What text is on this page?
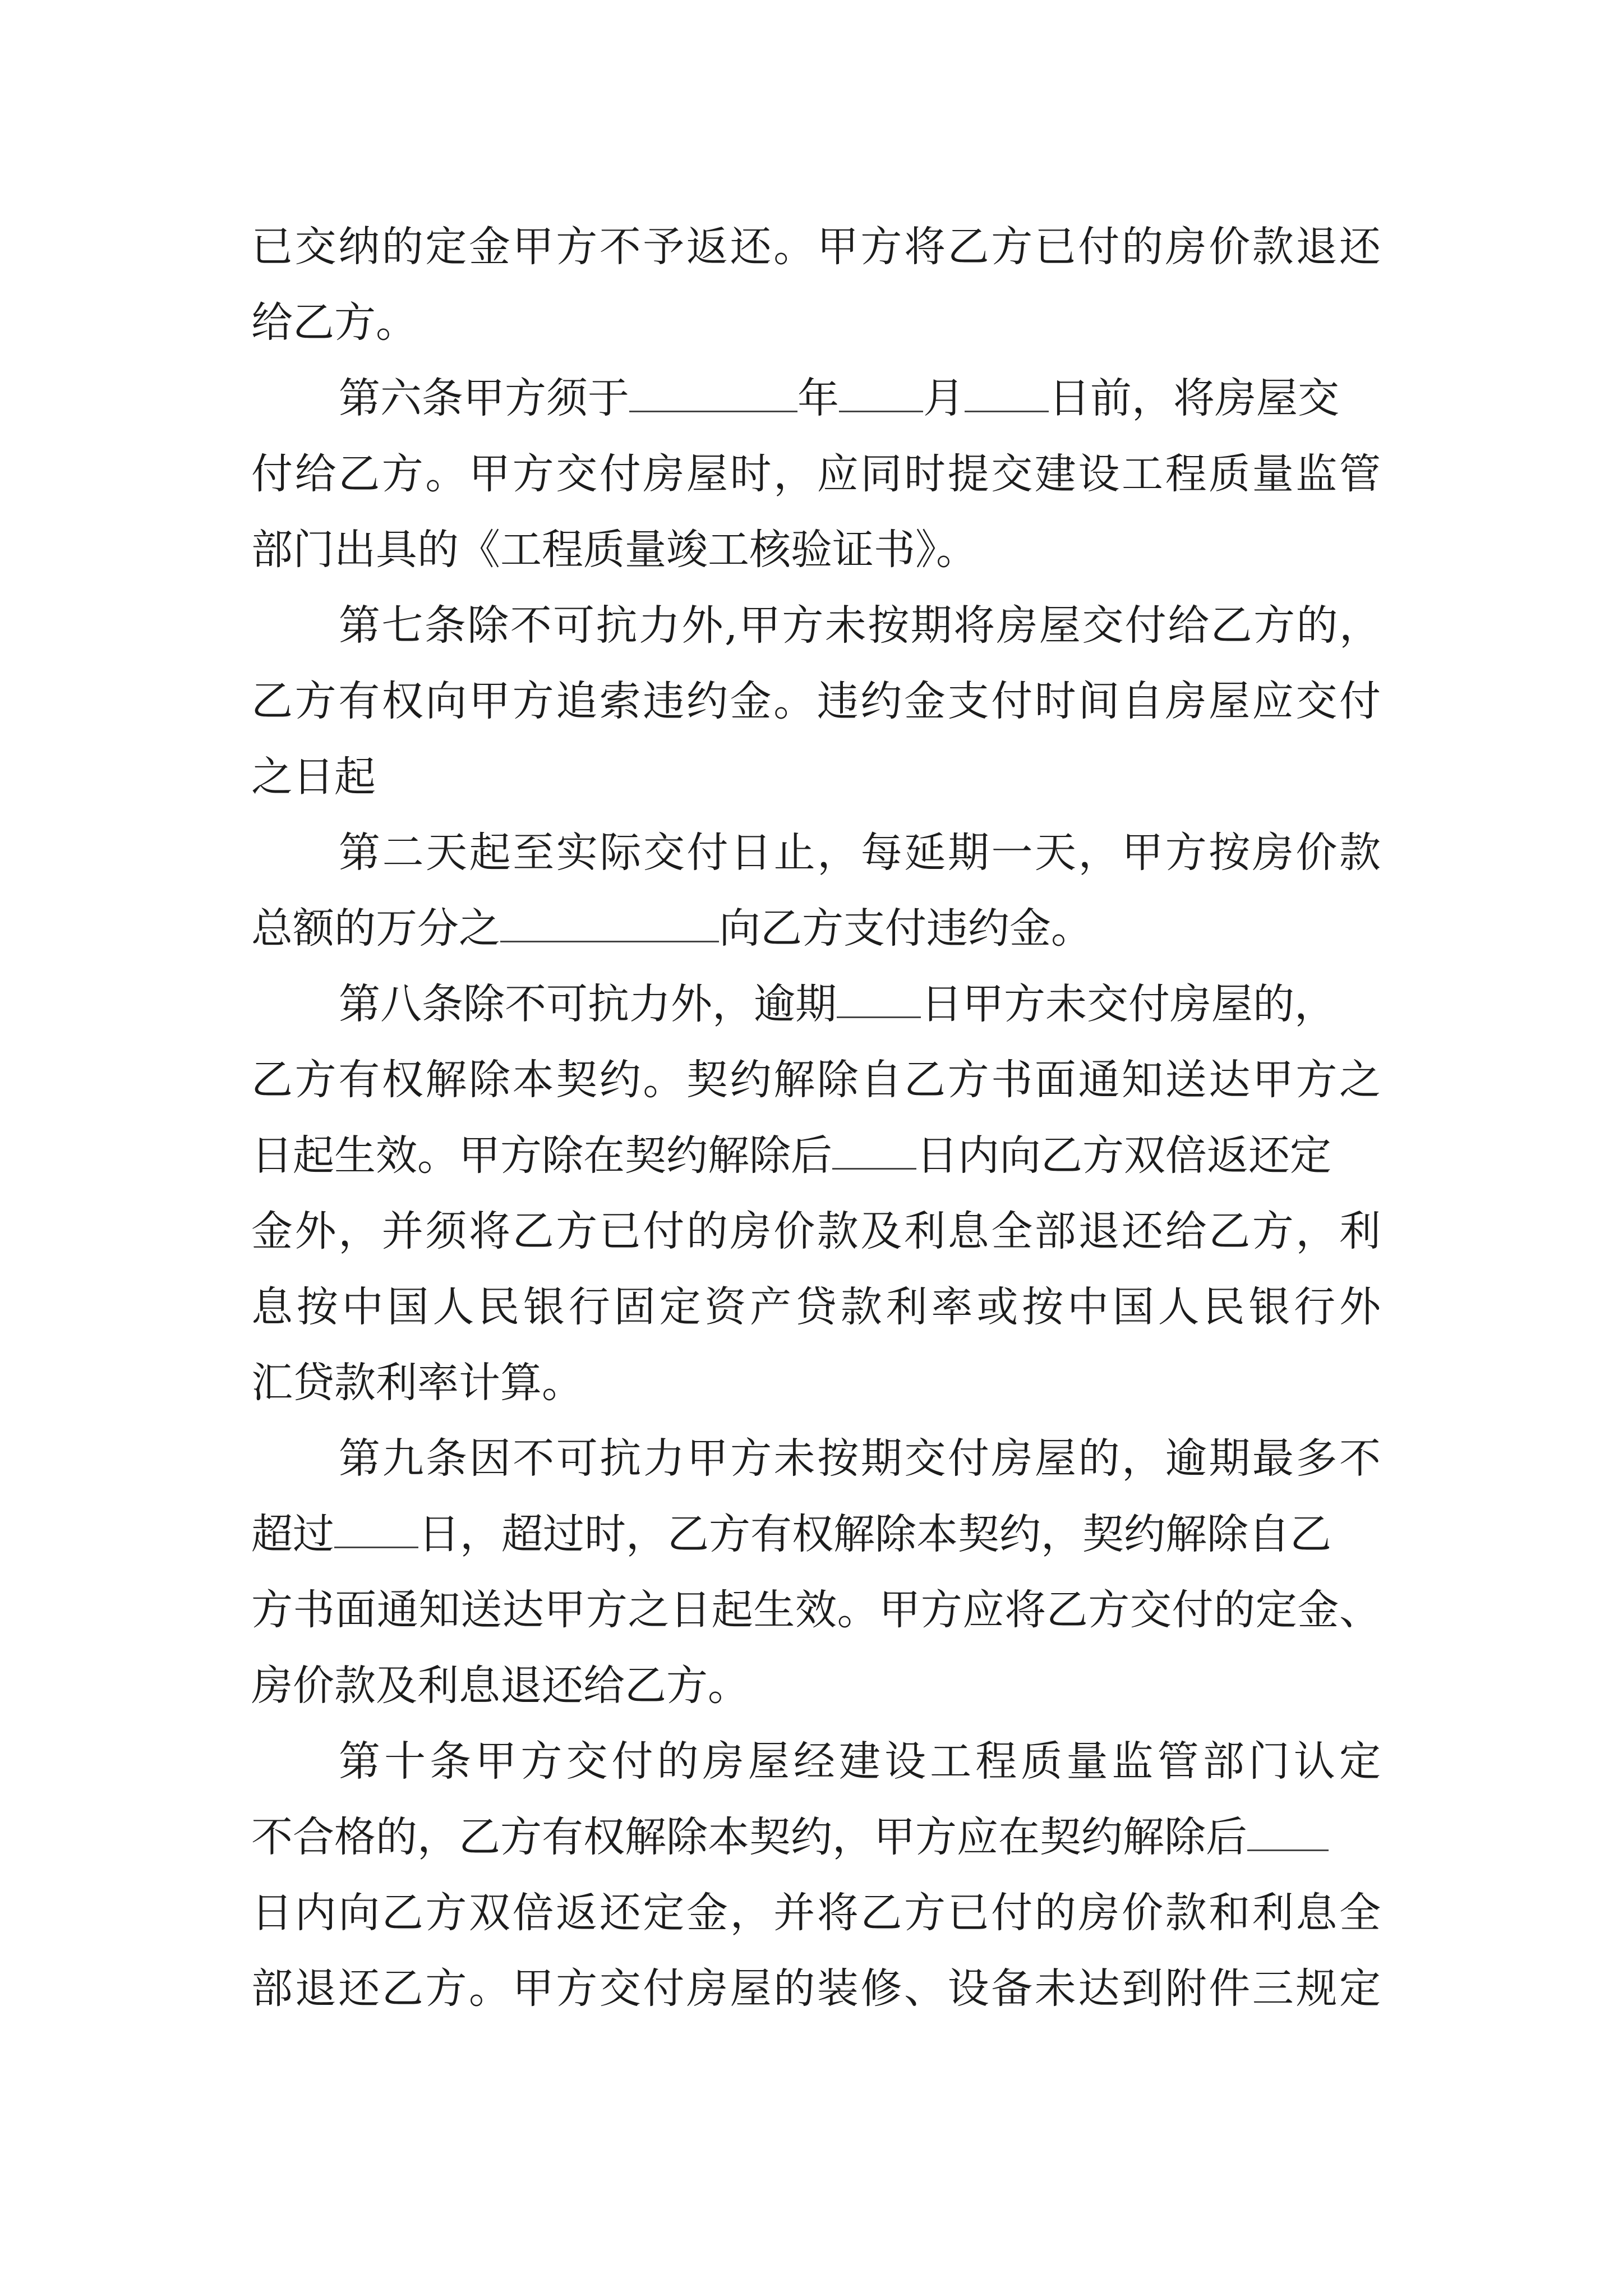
已交纳的定金甲方不予返还。甲方将乙方已付的房价款退还
给乙方。
第六条甲方须于	年 月 日前，将房屋交
付给乙方。甲方交付房屋时，应同时提交建设工程质量监管
部门出具的《工程质量竣工核验证书》。
第七条除不可抗力外,甲方未按期将房屋交付给乙方的，
乙方有权向甲方追索违约金。违约金支付时间自房屋应交付
之日起
第二天起至实际交付日止，每延期一天，甲方按房价款
总额的万分之	向乙方支付违约金。
第八条除不可抗力外，逾期 日甲方未交付房屋的，
乙方有权解除本契约。契约解除自乙方书面通知送达甲方之
日起生效。甲方除在契约解除后 日内向乙方双倍返还定
金外，并须将乙方已付的房价款及利息全部退还给乙方，利
息按中国人民银行固定资产贷款利率或按中国人民银行外
汇贷款利率计算。
第九条因不可抗力甲方未按期交付房屋的，逾期最多不
超过 日，超过时，乙方有权解除本契约，契约解除自乙
方书面通知送达甲方之日起生效。甲方应将乙方交付的定金、
房价款及利息退还给乙方。
第十条甲方交付的房屋经建设工程质量监管部门认定
不合格的，乙方有权解除本契约，甲方应在契约解除后
日内向乙方双倍返还定金，并将乙方已付的房价款和利息全
部退还乙方。甲方交付房屋的装修、设备未达到附件三规定
